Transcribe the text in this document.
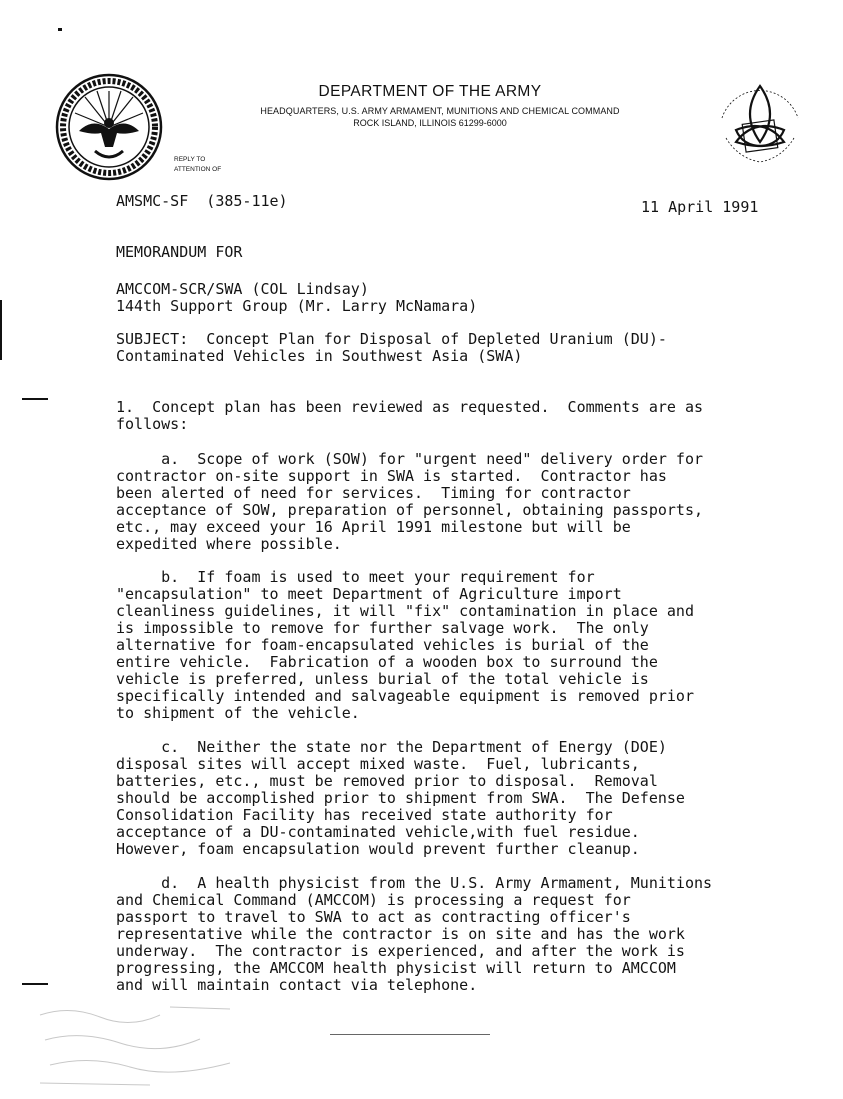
DEPARTMENT OF THE ARMY
HEADQUARTERS, U.S. ARMY ARMAMENT, MUNITIONS AND CHEMICAL COMMAND
ROCK ISLAND, ILLINOIS 61299-6000
REPLY TO
ATTENTION OF
AMSMC-SF  (385-11e)	11 April 1991
MEMORANDUM FOR
AMCCOM-SCR/SWA (COL Lindsay)
144th Support Group (Mr. Larry McNamara)
SUBJECT:  Concept Plan for Disposal of Depleted Uranium (DU)-
Contaminated Vehicles in Southwest Asia (SWA)
1.  Concept plan has been reviewed as requested.  Comments are as
follows:
a.  Scope of work (SOW) for "urgent need" delivery order for
contractor on-site support in SWA is started.  Contractor has
been alerted of need for services.  Timing for contractor
acceptance of SOW, preparation of personnel, obtaining passports,
etc., may exceed your 16 April 1991 milestone but will be
expedited where possible.
b.  If foam is used to meet your requirement for
"encapsulation" to meet Department of Agriculture import
cleanliness guidelines, it will "fix" contamination in place and
is impossible to remove for further salvage work.  The only
alternative for foam-encapsulated vehicles is burial of the
entire vehicle.  Fabrication of a wooden box to surround the
vehicle is preferred, unless burial of the total vehicle is
specifically intended and salvageable equipment is removed prior
to shipment of the vehicle.
c.  Neither the state nor the Department of Energy (DOE)
disposal sites will accept mixed waste.  Fuel, lubricants,
batteries, etc., must be removed prior to disposal.  Removal
should be accomplished prior to shipment from SWA.  The Defense
Consolidation Facility has received state authority for
acceptance of a DU-contaminated vehicle,with fuel residue.
However, foam encapsulation would prevent further cleanup.
d.  A health physicist from the U.S. Army Armament, Munitions
and Chemical Command (AMCCOM) is processing a request for
passport to travel to SWA to act as contracting officer's
representative while the contractor is on site and has the work
underway.  The contractor is experienced, and after the work is
progressing, the AMCCOM health physicist will return to AMCCOM
and will maintain contact via telephone.
